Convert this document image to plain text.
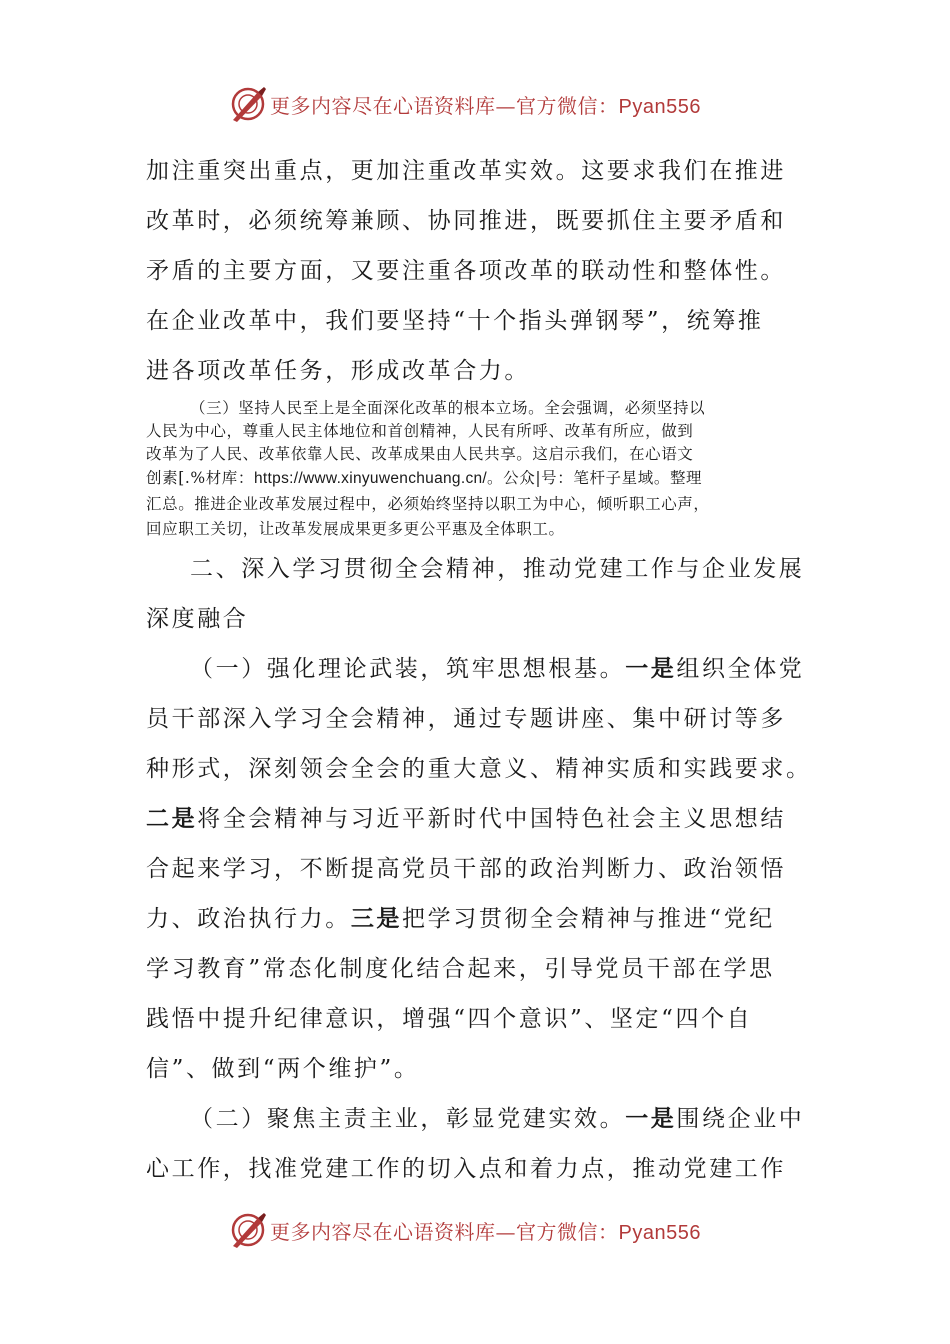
更多内容尽在心语资料库—官方微信：Pyan556
加注重突出重点，更加注重改革实效。这要求我们在推进
改革时，必须统筹兼顾、协同推进，既要抓住主要矛盾和
矛盾的主要方面，又要注重各项改革的联动性和整体性。
在企业改革中，我们要坚持“十个指头弹钢琴”，统筹推
进各项改革任务，形成改革合力。
（三）坚持人民至上是全面深化改革的根本立场。全会强调，必须坚持以
人民为中心，尊重人民主体地位和首创精神，人民有所呼、改革有所应，做到
改革为了人民、改革依靠人民、改革成果由人民共享。这启示我们，在心语文
创素[.%材库：https://www.xinyuwenchuang.cn/。公众|号：笔杆子星域。整理
汇总。推进企业改革发展过程中，必须始终坚持以职工为中心，倾听职工心声，
回应职工关切，让改革发展成果更多更公平惠及全体职工。
二、深入学习贯彻全会精神，推动党建工作与企业发展
深度融合
（一）强化理论武装，筑牢思想根基。一是组织全体党
员干部深入学习全会精神，通过专题讲座、集中研讨等多
种形式，深刻领会全会的重大意义、精神实质和实践要求。
二是将全会精神与习近平新时代中国特色社会主义思想结
合起来学习，不断提高党员干部的政治判断力、政治领悟
力、政治执行力。三是把学习贯彻全会精神与推进“党纪
学习教育”常态化制度化结合起来，引导党员干部在学思
践悟中提升纪律意识，增强“四个意识”、坚定“四个自
信”、做到“两个维护”。
（二）聚焦主责主业，彰显党建实效。一是围绕企业中
心工作，找准党建工作的切入点和着力点，推动党建工作
更多内容尽在心语资料库—官方微信：Pyan556
